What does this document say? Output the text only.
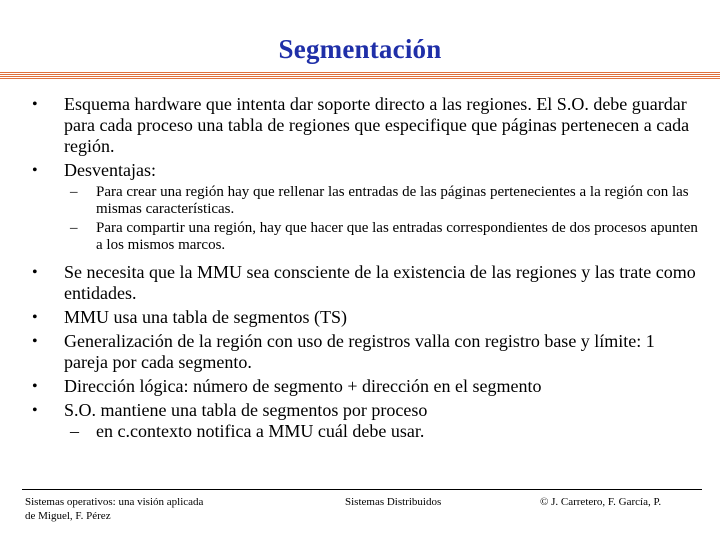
Segmentación
• Esquema hardware que intenta dar soporte directo a las regiones. El S.O. debe guardar para cada proceso una tabla de regiones que especifique que páginas pertenecen a cada región.
• Desventajas:
– Para crear una región hay que rellenar las entradas de las páginas pertenecientes a la región con las mismas características.
– Para compartir una región, hay que hacer que las entradas correspondientes de dos procesos apunten a los mismos marcos.
• Se necesita que la MMU sea consciente de la existencia de las regiones y las trate como entidades.
• MMU usa una tabla de segmentos (TS)
• Generalización de la región con uso de registros valla con registro base y límite: 1 pareja por cada segmento.
• Dirección lógica: número de segmento + dirección en el segmento
• S.O. mantiene una tabla de segmentos por proceso
– en c.contexto notifica a MMU cuál debe usar.
Sistemas operativos: una visión aplicada
de Miguel, F. Pérez
Sistemas Distribuidos	© J. Carretero, F. García, P.
